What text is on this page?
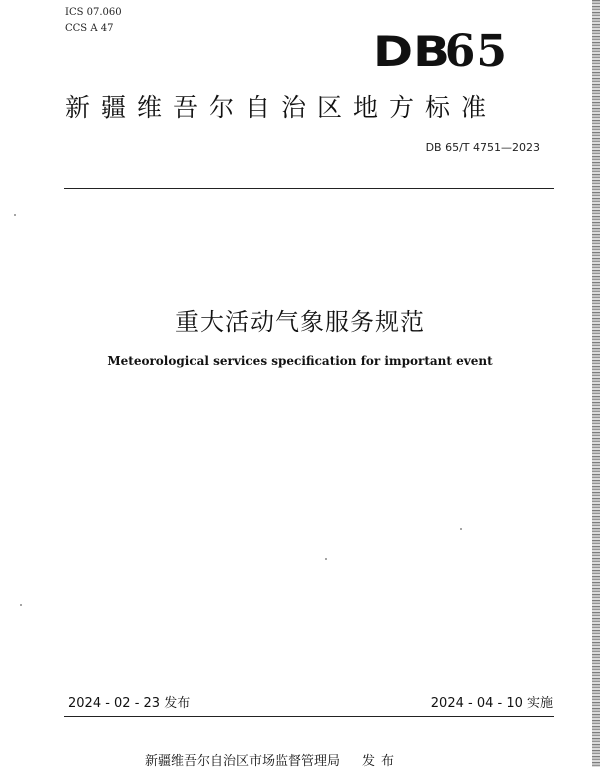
ICS 07.060
CCS A 47	DB65
新疆维吾尔自治区地方标准
DB 65/T 4751—2023
重大活动气象服务规范
Meteorological services specification for important event
2024 - 02 - 23 发布	2024 - 04 - 10 实施
新疆维吾尔自治区市场监督管理局 发布
